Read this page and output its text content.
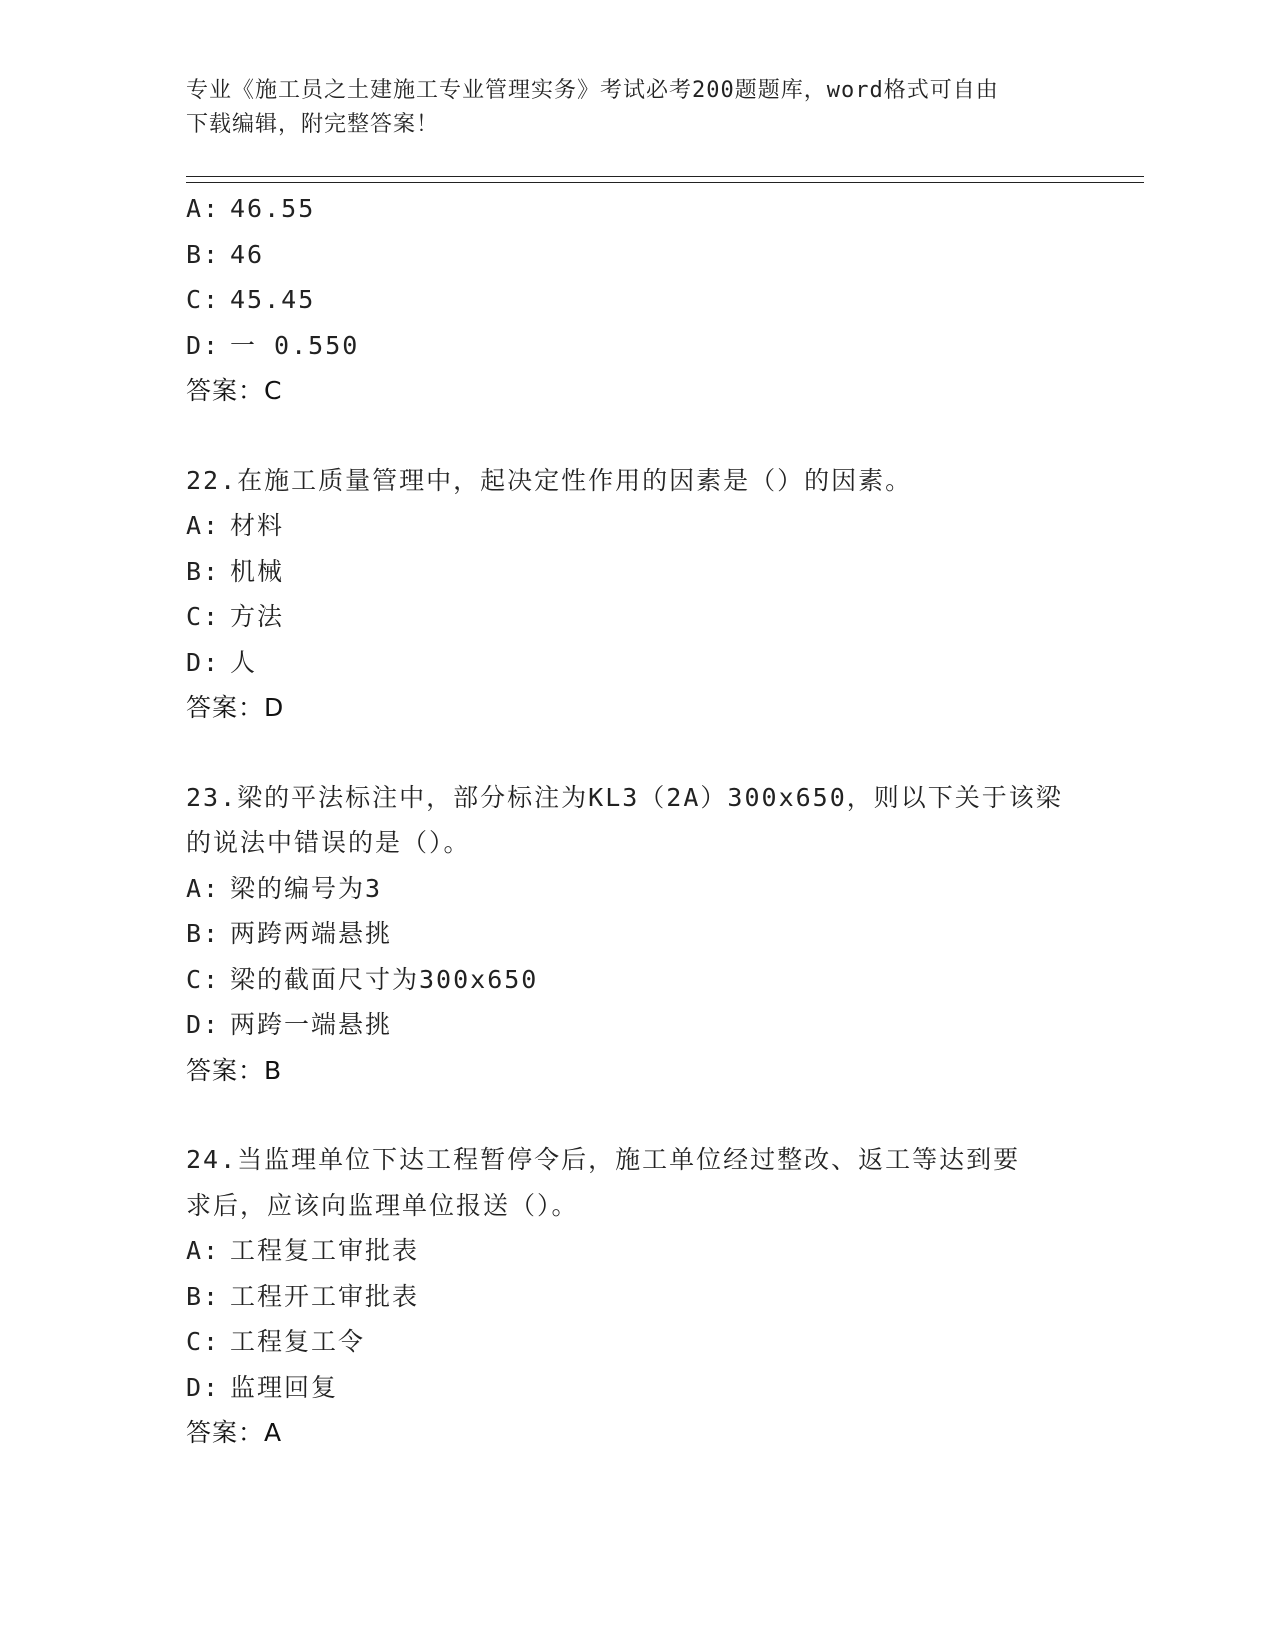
专业《施工员之土建施工专业管理实务》考试必考200题题库，word格式可自由
下载编辑，附完整答案！
A: 46.55
B: 46
C: 45.45
D: 一 0.550
答案：C
22.在施工质量管理中，起决定性作用的因素是（）的因素。
A: 材料
B: 机械
C: 方法
D: 人
答案：D
23.梁的平法标注中，部分标注为KL3（2A）300x650，则以下关于该梁
的说法中错误的是（）。
A: 梁的编号为3
B: 两跨两端悬挑
C: 梁的截面尺寸为300x650
D: 两跨一端悬挑
答案：B
24.当监理单位下达工程暂停令后，施工单位经过整改、返工等达到要
求后，应该向监理单位报送（）。
A: 工程复工审批表
B: 工程开工审批表
C: 工程复工令
D: 监理回复
答案：A
